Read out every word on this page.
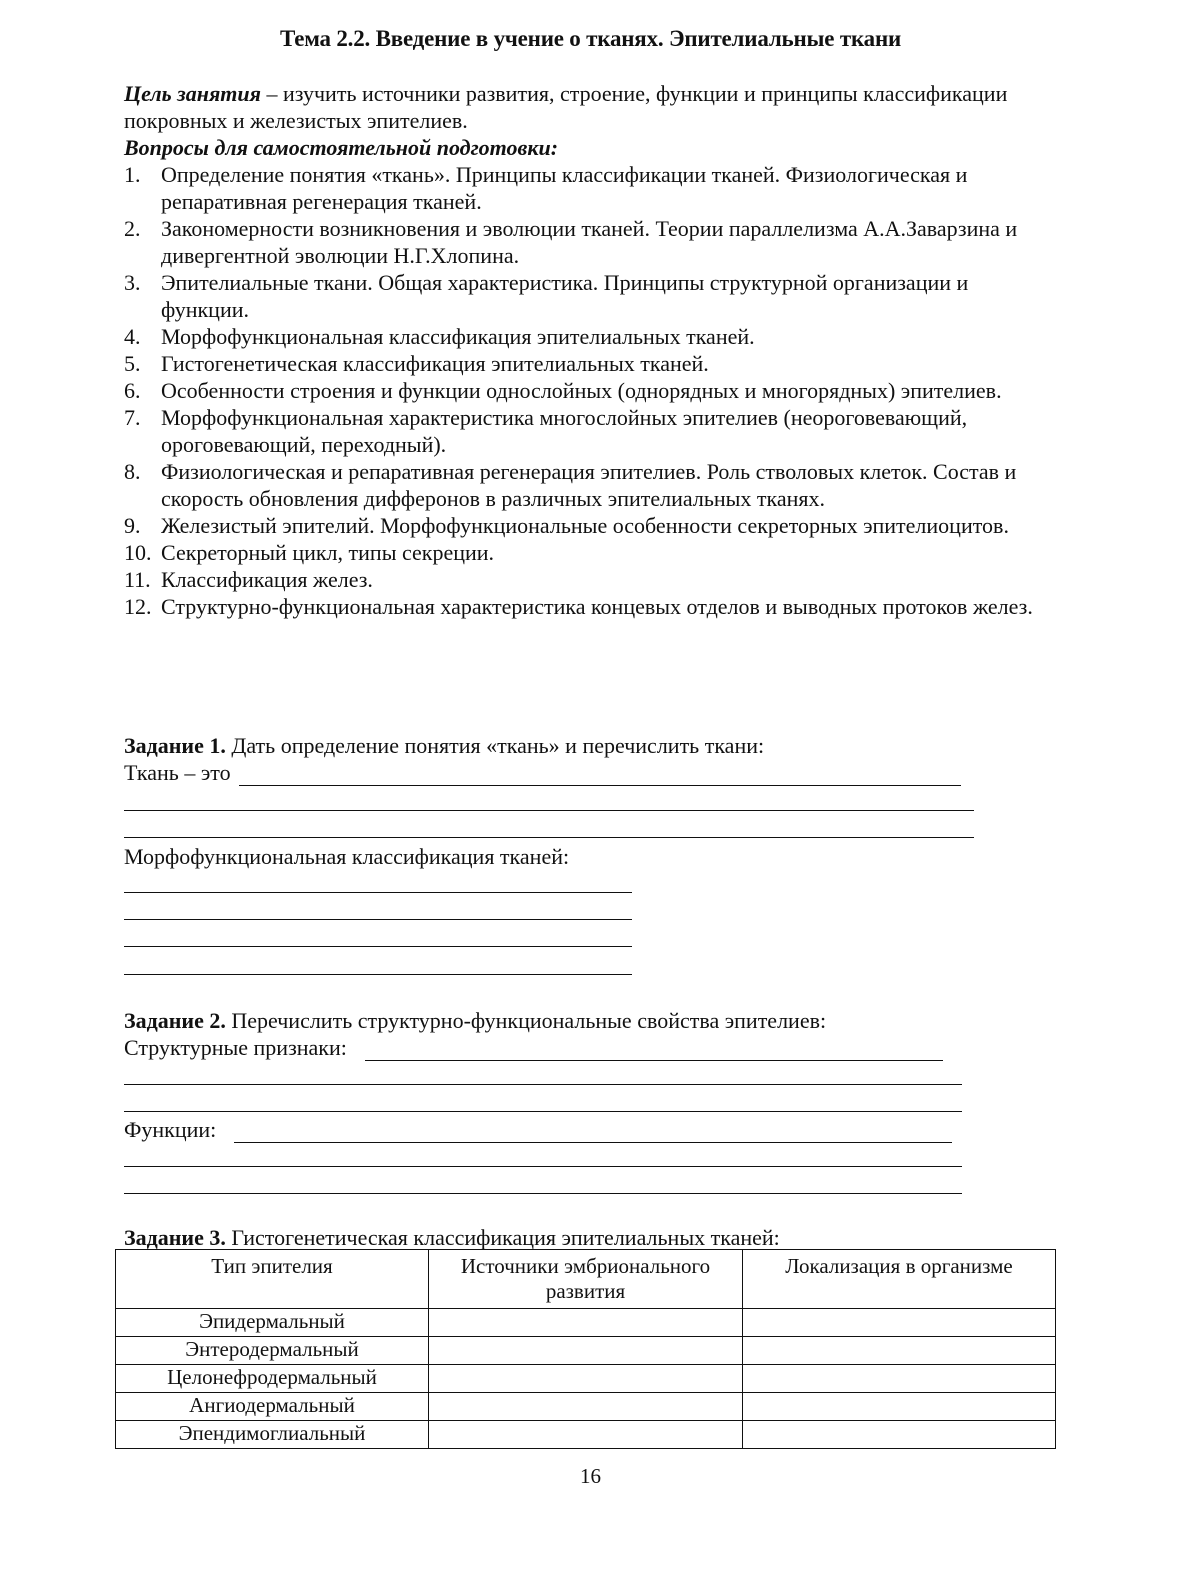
Тема 2.2. Введение в учение о тканях. Эпителиальные ткани
Цель занятия – изучить источники развития, строение, функции и принципы классификации покровных и железистых эпителиев.
Вопросы для самостоятельной подготовки:
1. Определение понятия «ткань». Принципы классификации тканей. Физиологическая и репаративная регенерация тканей.
2. Закономерности возникновения и эволюции тканей. Теории параллелизма А.А.Заварзина и дивергентной эволюции Н.Г.Хлопина.
3. Эпителиальные ткани. Общая характеристика. Принципы структурной организации и функции.
4. Морфофункциональная классификация эпителиальных тканей.
5. Гистогенетическая классификация эпителиальных тканей.
6. Особенности строения и функции однослойных (однорядных и многорядных) эпителиев.
7. Морфофункциональная характеристика многослойных эпителиев (неороговевающий, ороговевающий, переходный).
8. Физиологическая и репаративная регенерация эпителиев. Роль стволовых клеток. Состав и скорость обновления дифферонов в различных эпителиальных тканях.
9. Железистый эпителий. Морфофункциональные особенности секреторных эпителиоцитов.
10. Секреторный цикл, типы секреции.
11. Классификация желез.
12. Структурно-функциональная характеристика концевых отделов и выводных протоков желез.
Задание 1. Дать определение понятия «ткань» и перечислить ткани:
Ткань – это
Морфофункциональная классификация тканей:
Задание 2. Перечислить структурно-функциональные свойства эпителиев:
Структурные признаки:
Функции:
Задание 3. Гистогенетическая классификация эпителиальных тканей:
Тип эпителия	Источники эмбрионального развития	Локализация в организме
Эпидермальный		
Энтеродермальный		
Целонефродермальный		
Ангиодермальный		
Эпендимоглиальный		
16
